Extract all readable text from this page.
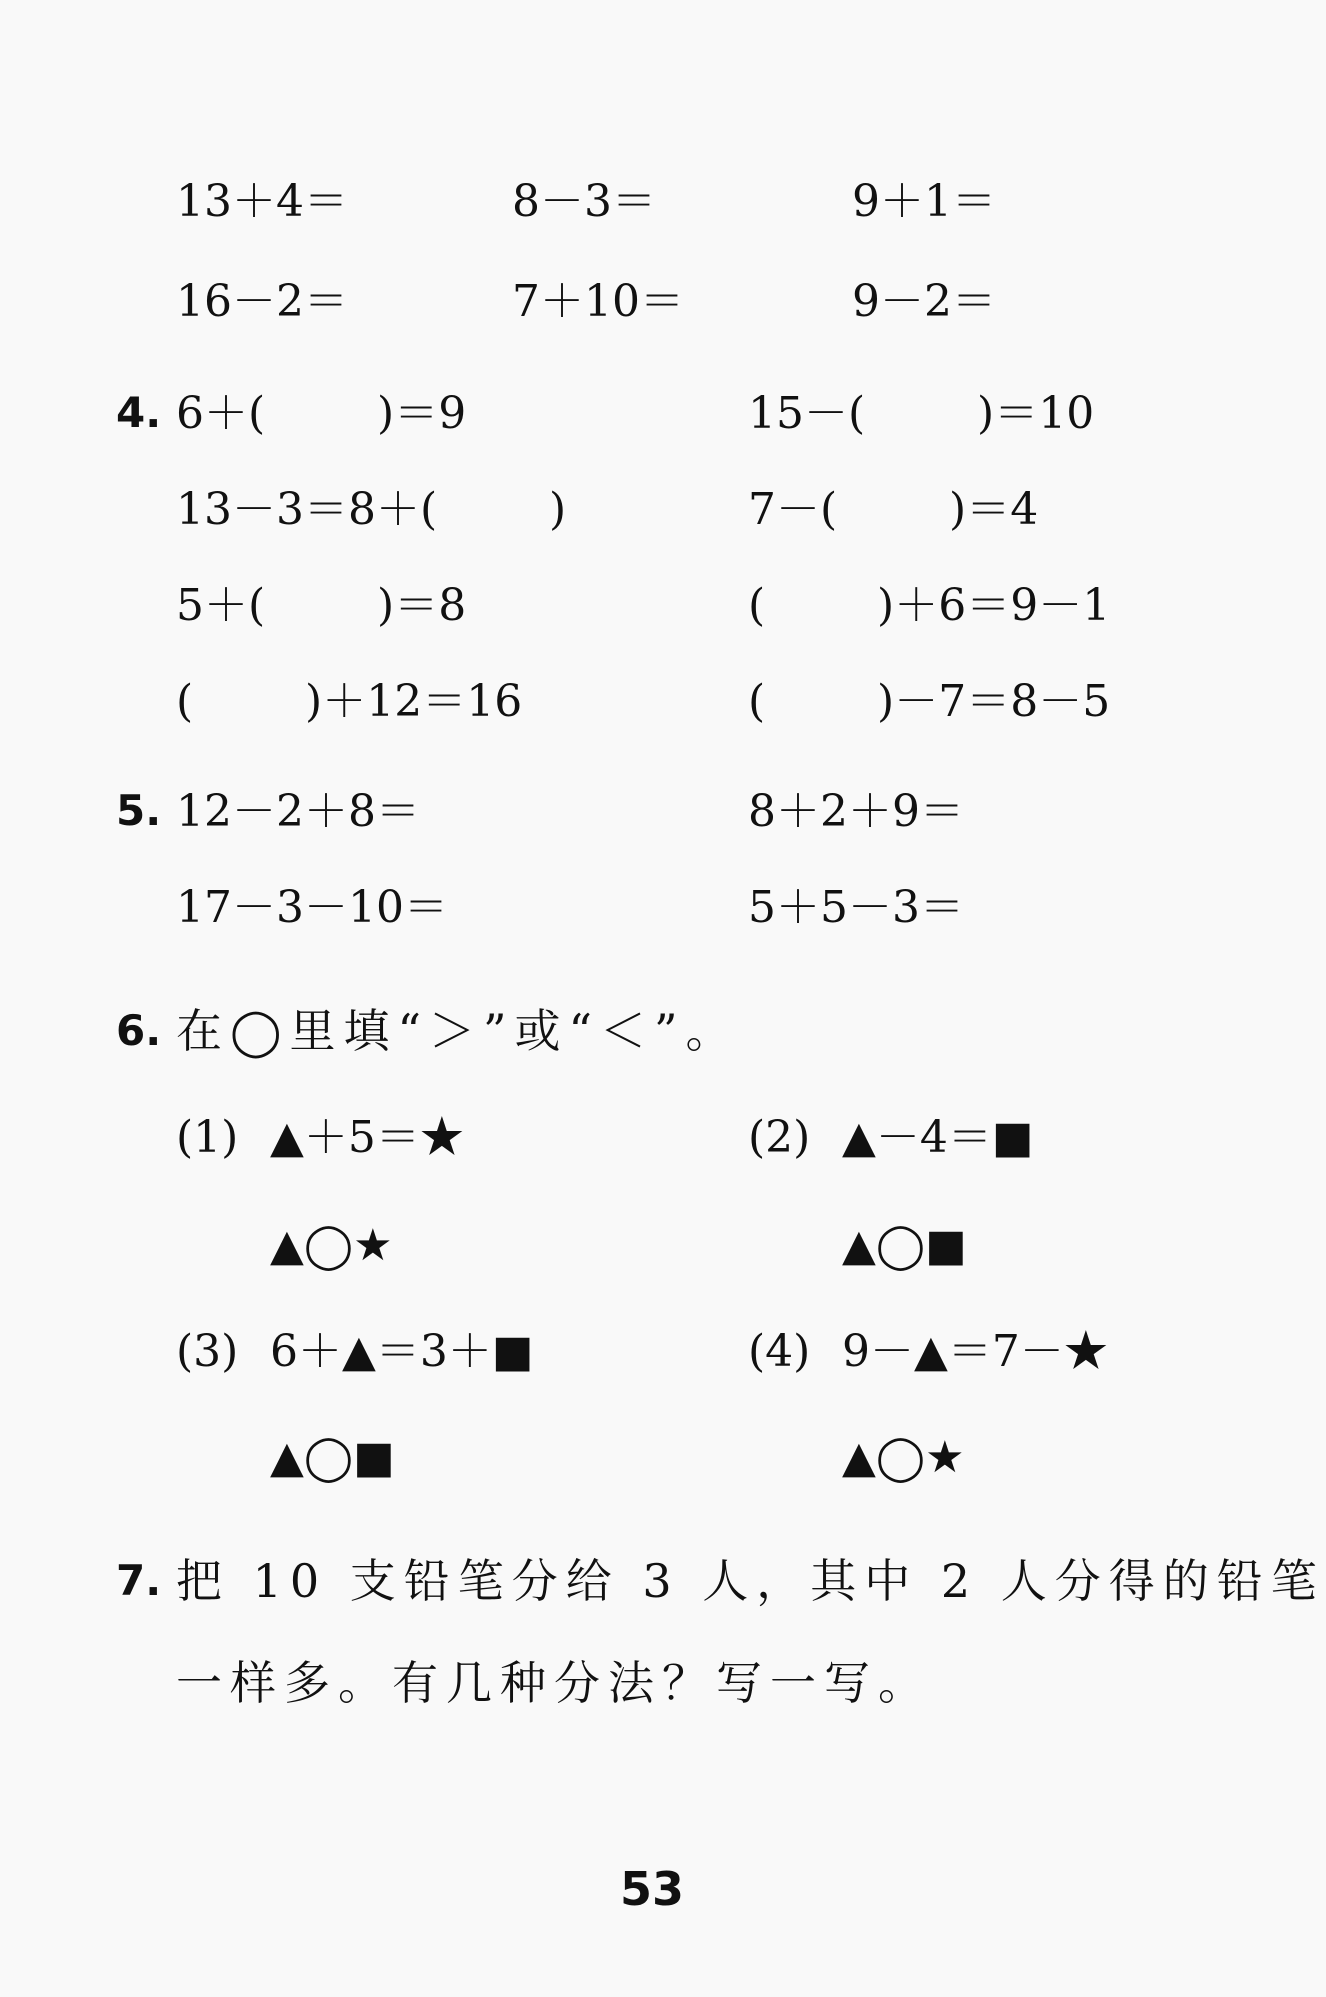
13＋4＝	8－3＝	9＋1＝
16－2＝	7＋10＝	9－2＝
4. 6＋(        )＝9	15－(        )＝10
13－3＝8＋(        )	7－(        )＝4
5＋(        )＝8	(        )＋6＝9－1
(        )＋12＝16	(        )－7＝8－5
5. 12－2＋8＝	8＋2＋9＝
17－3－10＝	5＋5－3＝
6. 在◯里填“＞”或“＜”。
(1) ▲＋5＝★	(2) ▲－4＝■
▲◯★	▲◯■
(3) 6＋▲＝3＋■	(4) 9－▲＝7－★
▲◯■	▲◯★
7. 把 10 支铅笔分给 3 人，其中 2 人分得的铅笔
一样多。有几种分法？写一写。
53
